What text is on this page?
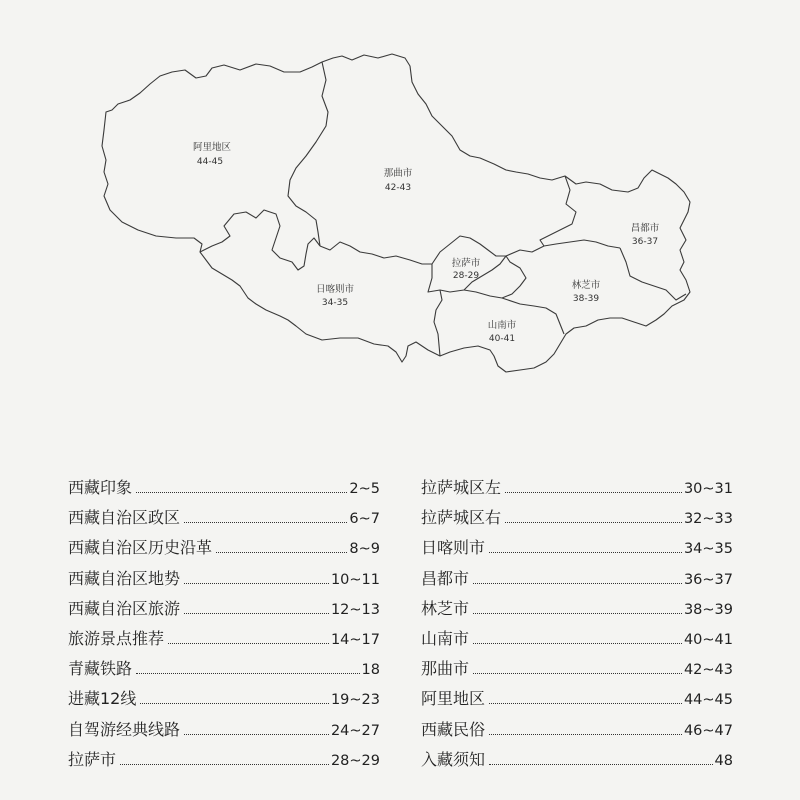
阿里地区
44-45
那曲市
42-43
昌都市
36-37
拉萨市
28-29
日喀则市
34-35
林芝市
38-39
山南市
40-41
西藏印象	2~5
西藏自治区政区	6~7
西藏自治区历史沿革	8~9
西藏自治区地势	10~11
西藏自治区旅游	12~13
旅游景点推荐	14~17
青藏铁路	18
进藏12线	19~23
自驾游经典线路	24~27
拉萨市	28~29
拉萨城区左	30~31
拉萨城区右	32~33
日喀则市	34~35
昌都市	36~37
林芝市	38~39
山南市	40~41
那曲市	42~43
阿里地区	44~45
西藏民俗	46~47
入藏须知	48
